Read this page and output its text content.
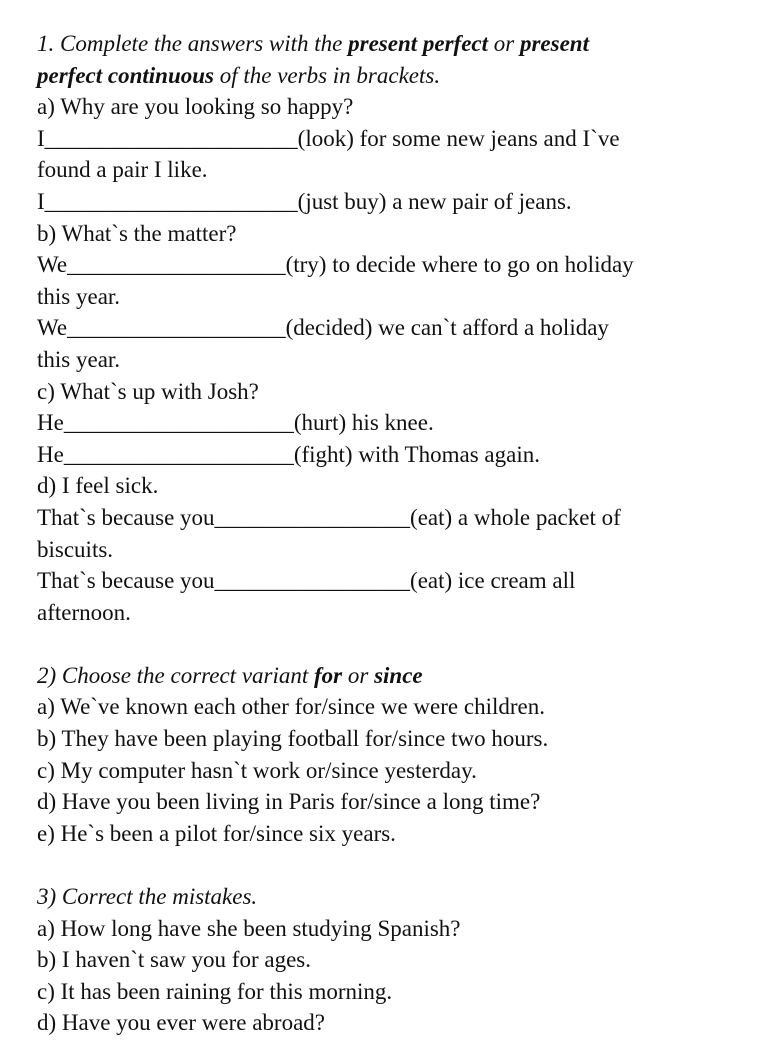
1. Complete the answers with the present perfect or present
perfect continuous of the verbs in brackets.
a) Why are you looking so happy?
I______________________(look) for some new jeans and I`ve
found a pair I like.
I______________________(just buy) a new pair of jeans.
b) What`s the matter?
We___________________(try) to decide where to go on holiday
this year.
We___________________(decided) we can`t afford a holiday
this year.
c) What`s up with Josh?
He____________________(hurt) his knee.
He____________________(fight) with Thomas again.
d) I feel sick.
That`s because you_________________(eat) a whole packet of
biscuits.
That`s because you_________________(eat) ice cream all
afternoon.
2) Choose the correct variant for or since
a) We`ve known each other for/since we were children.
b) They have been playing football for/since two hours.
c) My computer hasn`t work or/since yesterday.
d) Have you been living in Paris for/since a long time?
e) He`s been a pilot for/since six years.
3) Correct the mistakes.
a) How long have she been studying Spanish?
b) I haven`t saw you for ages.
c) It has been raining for this morning.
d) Have you ever were abroad?
